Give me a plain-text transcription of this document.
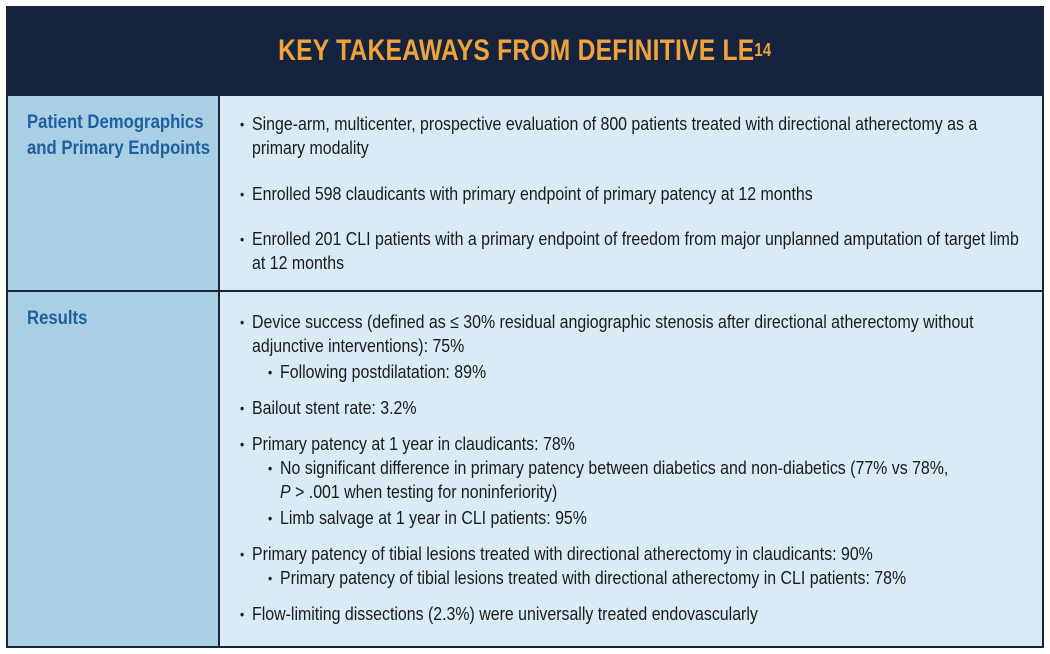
KEY TAKEAWAYS FROM DEFINITIVE LE$^{14}$
Patient Demographics and Primary Endpoints
• Singe-arm, multicenter, prospective evaluation of 800 patients treated with directional atherectomy as a primary modality
• Enrolled 598 claudicants with primary endpoint of primary patency at 12 months
• Enrolled 201 CLI patients with a primary endpoint of freedom from major unplanned amputation of target limb at 12 months
Results
•	Device success (defined as ≤ 30% residual angiographic stenosis after directional atherectomy without adjunctive interventions): 75%
• Following postdilatation: 89%
• Bailout stent rate: 3.2%
• Primary patency at 1 year in claudicants: 78%
• No significant difference in primary patency between diabetics and non-diabetics (77% vs 78%,
P > .001 when testing for noninferiority)
• Limb salvage at 1 year in CLI patients: 95%
• Primary patency of tibial lesions treated with directional atherectomy in claudicants: 90%
• Primary patency of tibial lesions treated with directional atherectomy in CLI patients: 78%
• Flow-limiting dissections (2.3%) were universally treated endovascularly
